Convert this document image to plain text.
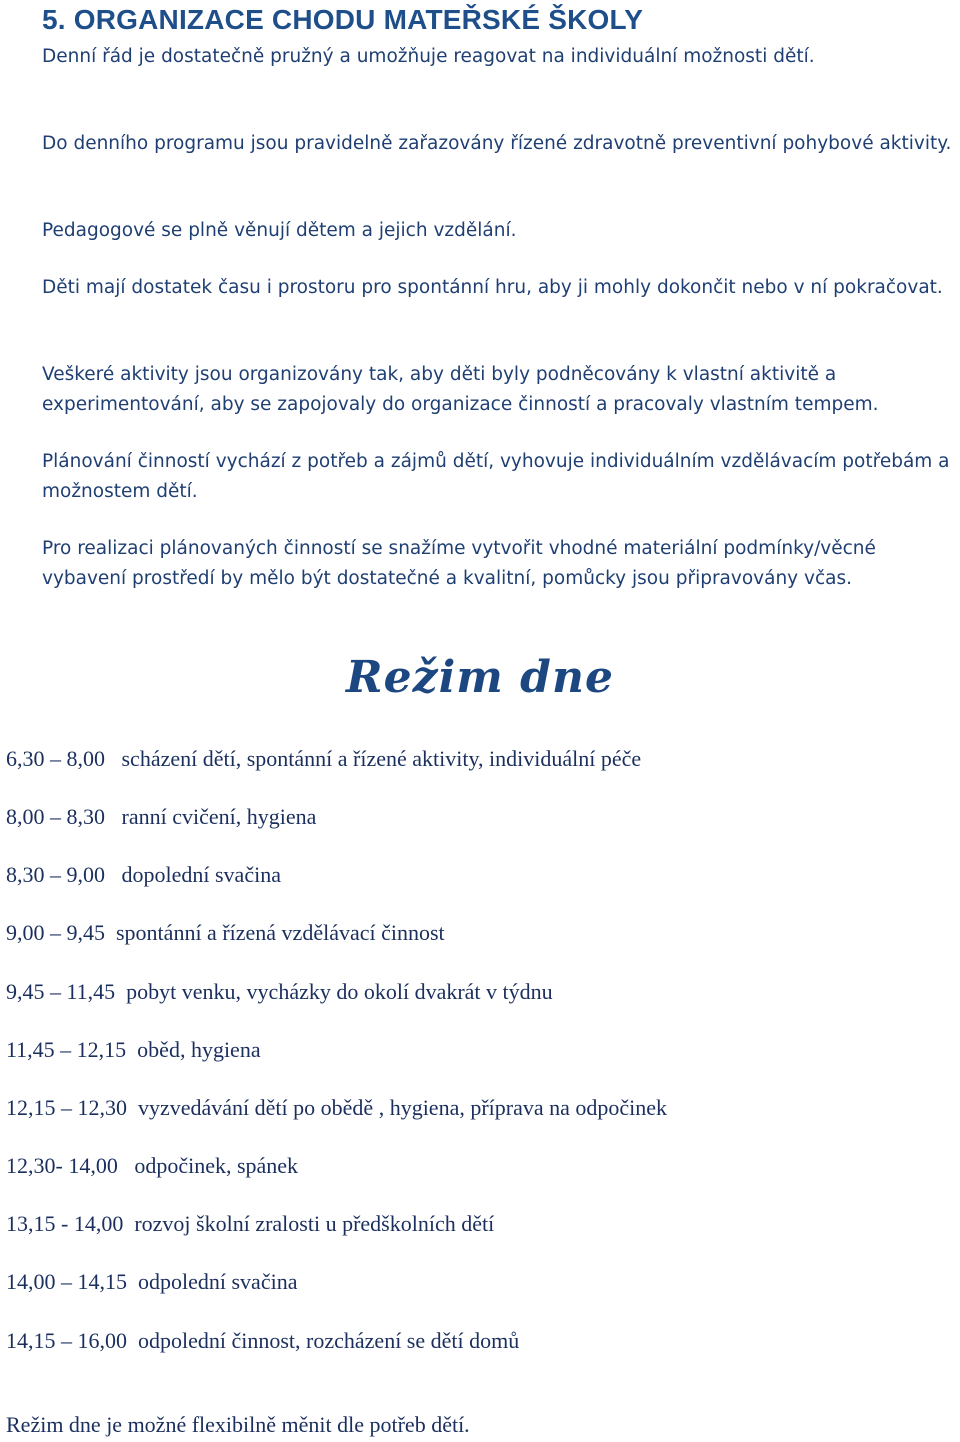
5. ORGANIZACE CHODU MATEŘSKÉ ŠKOLY
Denní řád je dostatečně pružný a umožňuje reagovat na individuální možnosti dětí.
Do denního programu jsou pravidelně zařazovány řízené zdravotně preventivní pohybové aktivity.
Pedagogové se plně věnují dětem a jejich vzdělání.
Děti mají dostatek času i prostoru pro spontánní hru, aby ji mohly dokončit nebo v ní pokračovat.
Veškeré aktivity jsou organizovány tak, aby děti byly podněcovány k vlastní aktivitě a experimentování, aby se zapojovaly do organizace činností a pracovaly vlastním tempem.
Plánování činností vychází z potřeb a zájmů dětí, vyhovuje individuálním vzdělávacím potřebám a možnostem dětí.
Pro realizaci plánovaných činností se snažíme vytvořit vhodné materiální podmínky/věcné vybavení prostředí by mělo být dostatečné a kvalitní, pomůcky jsou připravovány včas.
Režim dne
6,30 – 8,00   scházení dětí, spontánní a řízené aktivity, individuální péče
8,00 – 8,30   ranní cvičení, hygiena
8,30 – 9,00   dopolední svačina
9,00 – 9,45  spontánní a řízená vzdělávací činnost
9,45 – 11,45  pobyt venku, vycházky do okolí dvakrát v týdnu
11,45 – 12,15  oběd, hygiena
12,15 – 12,30  vyzvedávání dětí po obědě , hygiena, příprava na odpočinek
12,30- 14,00   odpočinek, spánek
13,15 - 14,00  rozvoj školní zralosti u předškolních dětí
14,00 – 14,15  odpolední svačina
14,15 – 16,00  odpolední činnost, rozcházení se dětí domů
Režim dne je možné flexibilně měnit dle potřeb dětí.
